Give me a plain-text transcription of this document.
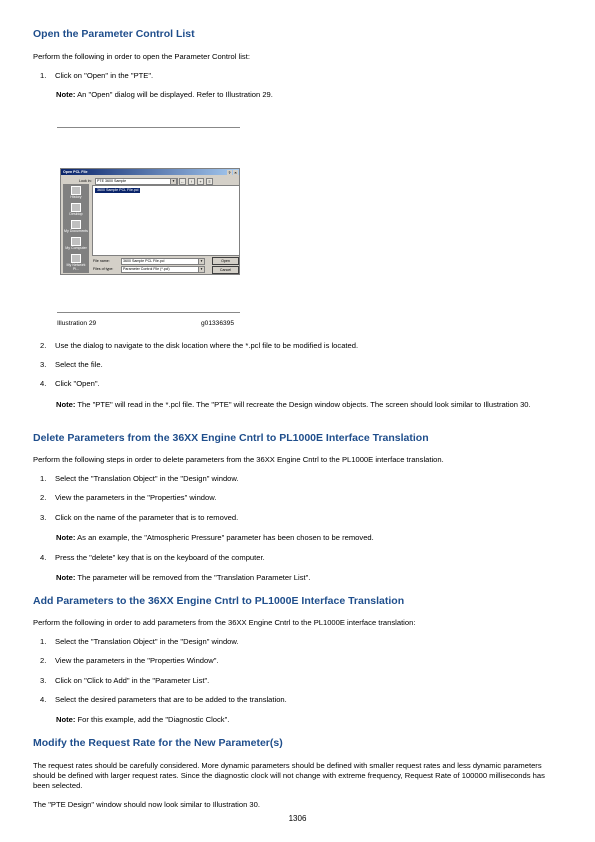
Open the Parameter Control List

Perform the following in order to open the Parameter Control list:

1. Click on "Open" in the "PTE".
Note: An "Open" dialog will be displayed. Refer to Illustration 29.
Open PCL File	? ×
Look in:	PTE 3600 Sample	▾	←	↑	+	≡
History
Desktop
My Documents
My Computer
My Network Pl...
3600 Sample PCL File.pcl
File name:	3600 Sample PCL File.pcl	▾
Files of type:	Parameter Control File (*.pcl)	▾
Open
Cancel
Illustration 29	g01336395
2. Use the dialog to navigate to the disk location where the *.pcl file to be modified is located.
3. Select the file.
4. Click "Open".
Note: The "PTE" will read in the *.pcl file. The "PTE" will recreate the Design window objects. The screen should look similar to Illustration 30.
Delete Parameters from the 36XX Engine Cntrl to PL1000E Interface Translation

Perform the following steps in order to delete parameters from the 36XX Engine Cntrl to the PL1000E interface translation.

1. Select the "Translation Object" in the "Design" window.
2. View the parameters in the "Properties" window.
3. Click on the name of the parameter that is to removed.
Note: As an example, the "Atmospheric Pressure" parameter has been chosen to be removed.
4. Press the "delete" key that is on the keyboard of the computer.
Note: The parameter will be removed from the "Translation Parameter List".
Add Parameters to the 36XX Engine Cntrl to PL1000E Interface Translation

Perform the following in order to add parameters from the 36XX Engine Cntrl to the PL1000E interface translation:

1. Select the "Translation Object" in the "Design" window.
2. View the parameters in the "Properties Window".
3. Click on "Click to Add" in the "Parameter List".
4. Select the desired parameters that are to be added to the translation.
Note: For this example, add the "Diagnostic Clock".
Modify the Request Rate for the New Parameter(s)

The request rates should be carefully considered. More dynamic parameters should be defined with smaller request rates and less dynamic parameters should be defined with larger request rates. Since the diagnostic clock will not change with extreme frequency, Request Rate of 100000 milliseconds has been selected.

The "PTE Design" window should now look similar to Illustration 30.

1306
